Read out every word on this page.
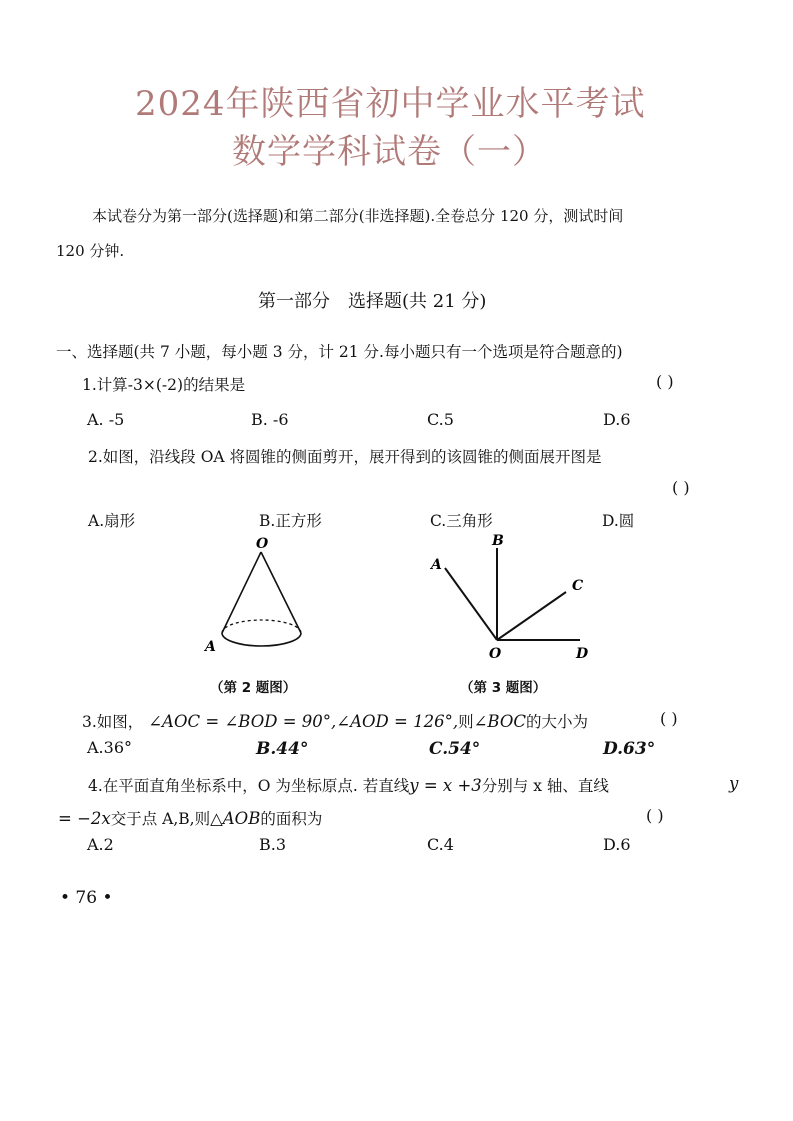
2024年陕西省初中学业水平考试
数学学科试卷（一）
本试卷分为第一部分(选择题)和第二部分(非选择题).全卷总分 120 分，测试时间
120 分钟.
第一部分　选择题(共 21 分)
一、选择题(共 7 小题，每小题 3 分，计 21 分.每小题只有一个选项是符合题意的)
1.计算-3×(-2)的结果是	( )
A. -5	B. -6	C.5	D.6
2.如图，沿线段 OA 将圆锥的侧面剪开，展开得到的该圆锥的侧面展开图是
( )
A.扇形	B.正方形	C.三角形	D.圆
O
A
（第 2 题图）
B
A
C
O	D
（第 3 题图）
3.如图， ∠AOC = ∠BOD = 90°,∠AOD = 126°,则∠BOC的大小为	( )
A.36°	B.44°	C.54°	D.63°
4.在平面直角坐标系中，O 为坐标原点. 若直线y = x +3分别与 x 轴、直线	y
= −2x交于点 A,B,则△AOB的面积为	( )
A.2	B.3	C.4	D.6
• 76 •
